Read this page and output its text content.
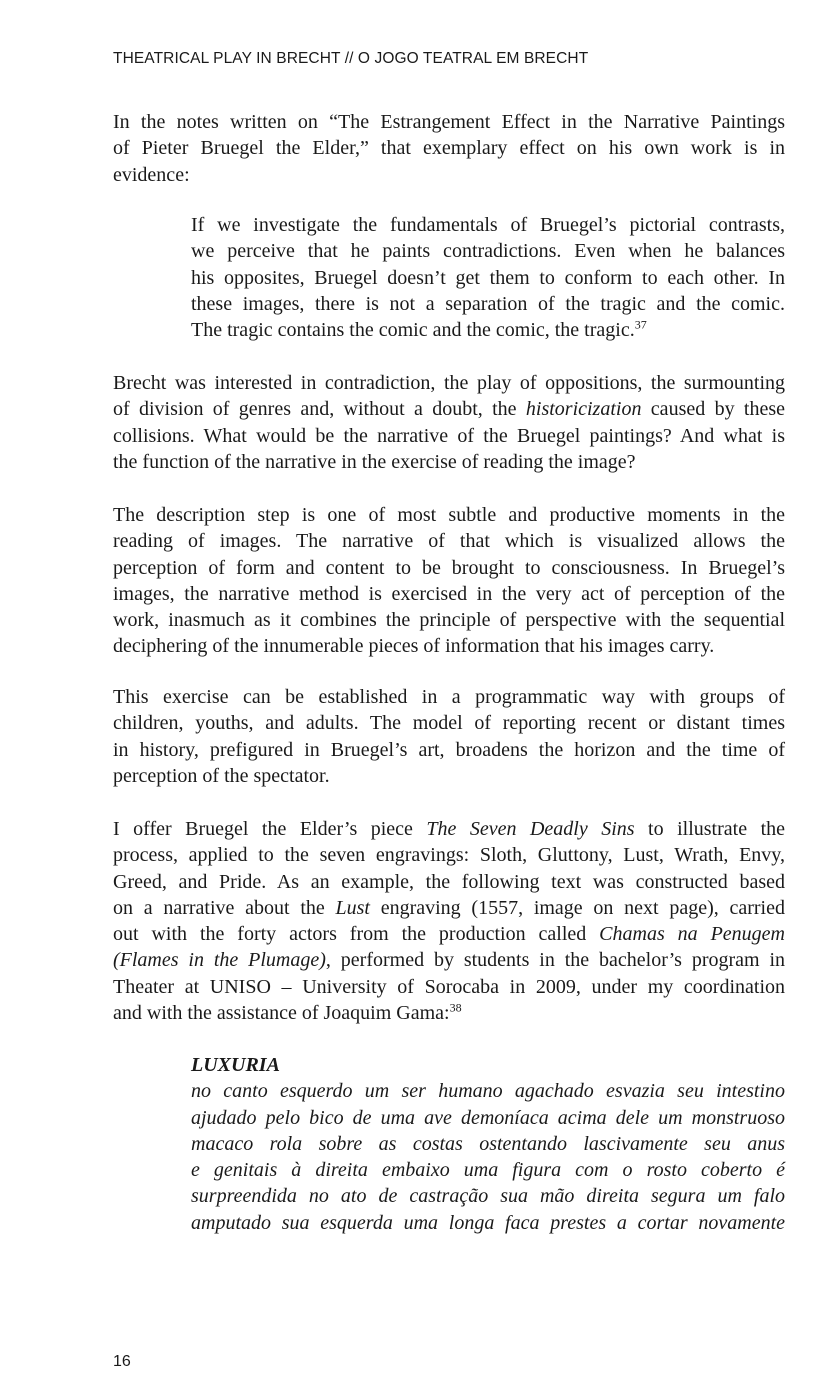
THEATRICAL PLAY IN BRECHT // O JOGO TEATRAL EM BRECHT
In the notes written on “The Estrangement Effect in the Narrative Paintings
of Pieter Bruegel the Elder,” that exemplary effect on his own work is in
evidence:
If we investigate the fundamentals of Bruegel’s pictorial contrasts,
we perceive that he paints contradictions. Even when he balances
his opposites, Bruegel doesn’t get them to conform to each other. In
these images, there is not a separation of the tragic and the comic.
The tragic contains the comic and the comic, the tragic.$^{37}$
Brecht was interested in contradiction, the play of oppositions, the surmounting
of division of genres and, without a doubt, the historicization caused by these
collisions. What would be the narrative of the Bruegel paintings? And what is
the function of the narrative in the exercise of reading the image?
The description step is one of most subtle and productive moments in the
reading of images. The narrative of that which is visualized allows the
perception of form and content to be brought to consciousness. In Bruegel’s
images, the narrative method is exercised in the very act of perception of the
work, inasmuch as it combines the principle of perspective with the sequential
deciphering of the innumerable pieces of information that his images carry.
This exercise can be established in a programmatic way with groups of
children, youths, and adults. The model of reporting recent or distant times
in history, prefigured in Bruegel’s art, broadens the horizon and the time of
perception of the spectator.
I offer Bruegel the Elder’s piece The Seven Deadly Sins to illustrate the
process, applied to the seven engravings: Sloth, Gluttony, Lust, Wrath, Envy,
Greed, and Pride. As an example, the following text was constructed based
on a narrative about the Lust engraving (1557, image on next page), carried
out with the forty actors from the production called Chamas na Penugem
(Flames in the Plumage), performed by students in the bachelor’s program in
Theater at UNISO – University of Sorocaba in 2009, under my coordination
and with the assistance of Joaquim Gama:$^{38}$

LUXURIA

no canto esquerdo um ser humano agachado esvazia seu intestino
ajudado pelo bico de uma ave demoníaca acima dele um monstruoso
macaco rola sobre as costas ostentando lascivamente seu anus
e genitais à direita embaixo uma figura com o rosto coberto é
surpreendida no ato de castração sua mão direita segura um falo
amputado sua esquerda uma longa faca prestes a cortar novamente
16
